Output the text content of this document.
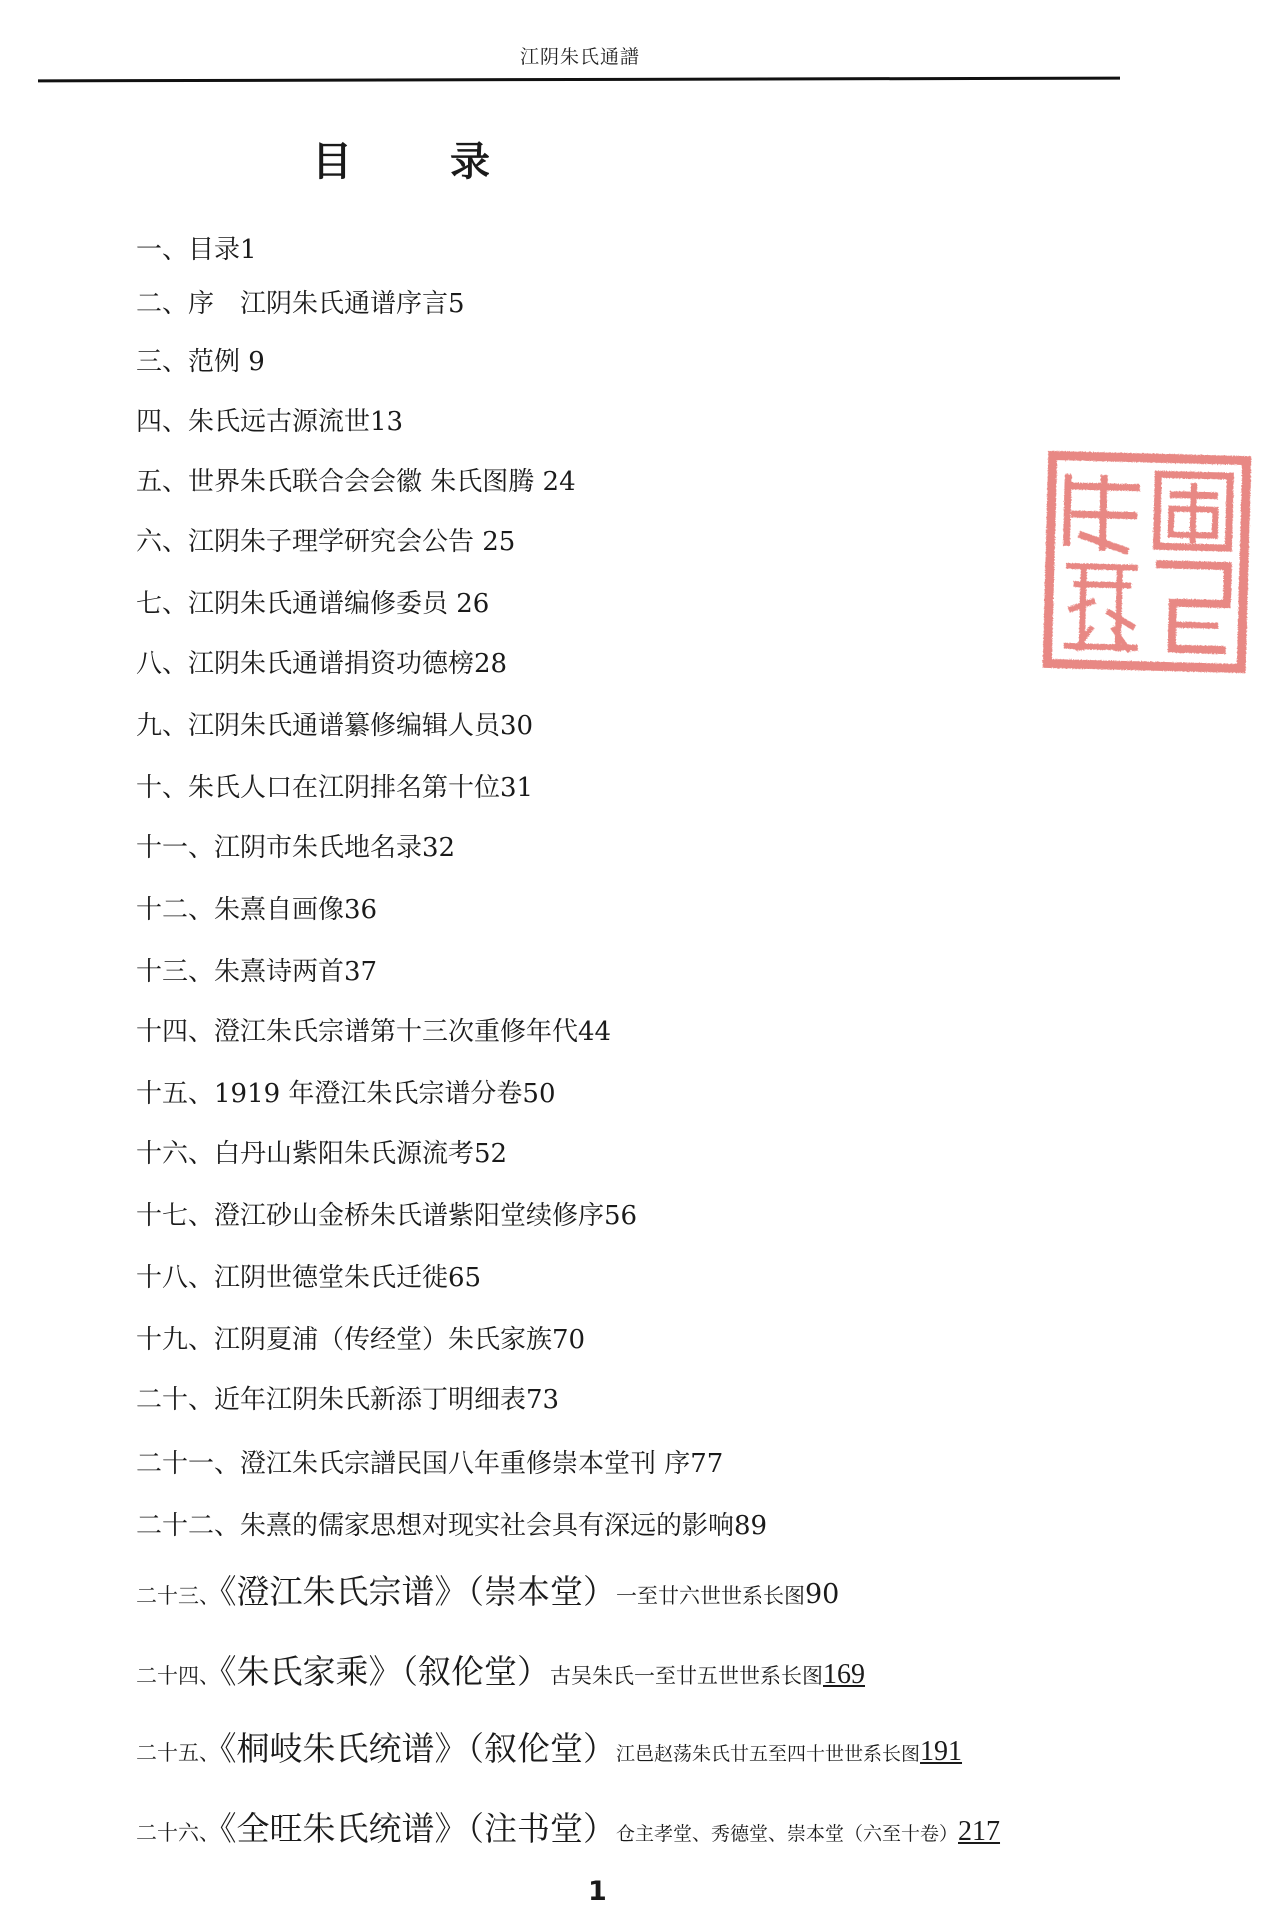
江阴朱氏通譜
目 录
一、目录1
二、序　江阴朱氏通谱序言5
三、范例 9
四、朱氏远古源流世13
五、世界朱氏联合会会徽 朱氏图腾 24
六、江阴朱子理学研究会公告 25
七、江阴朱氏通谱编修委员 26
八、江阴朱氏通谱捐资功德榜28
九、江阴朱氏通谱纂修编辑人员30
十、朱氏人口在江阴排名第十位31
十一、江阴市朱氏地名录32
十二、朱熹自画像36
十三、朱熹诗两首37
十四、澄江朱氏宗谱第十三次重修年代44
十五、1919 年澄江朱氏宗谱分卷50
十六、白丹山紫阳朱氏源流考52
十七、澄江砂山金桥朱氏谱紫阳堂续修序56
十八、江阴世德堂朱氏迁徙65
十九、江阴夏浦（传经堂）朱氏家族70
二十、近年江阴朱氏新添丁明细表73
二十一、澄江朱氏宗譜民国八年重修崇本堂刊 序77
二十二、朱熹的儒家思想对现实社会具有深远的影响89
二十三、《澄江朱氏宗谱》（崇本堂）一至廿六世世系长图90
二十四、《朱氏家乘》（叙伦堂）古吴朱氏一至廿五世世系长图169
二十五、《桐岐朱氏统谱》（叙伦堂）江邑赵荡朱氏廿五至四十世世系长图191
二十六、《全旺朱氏统谱》（注书堂）仓主孝堂、秀德堂、崇本堂（六至十卷）217
1
